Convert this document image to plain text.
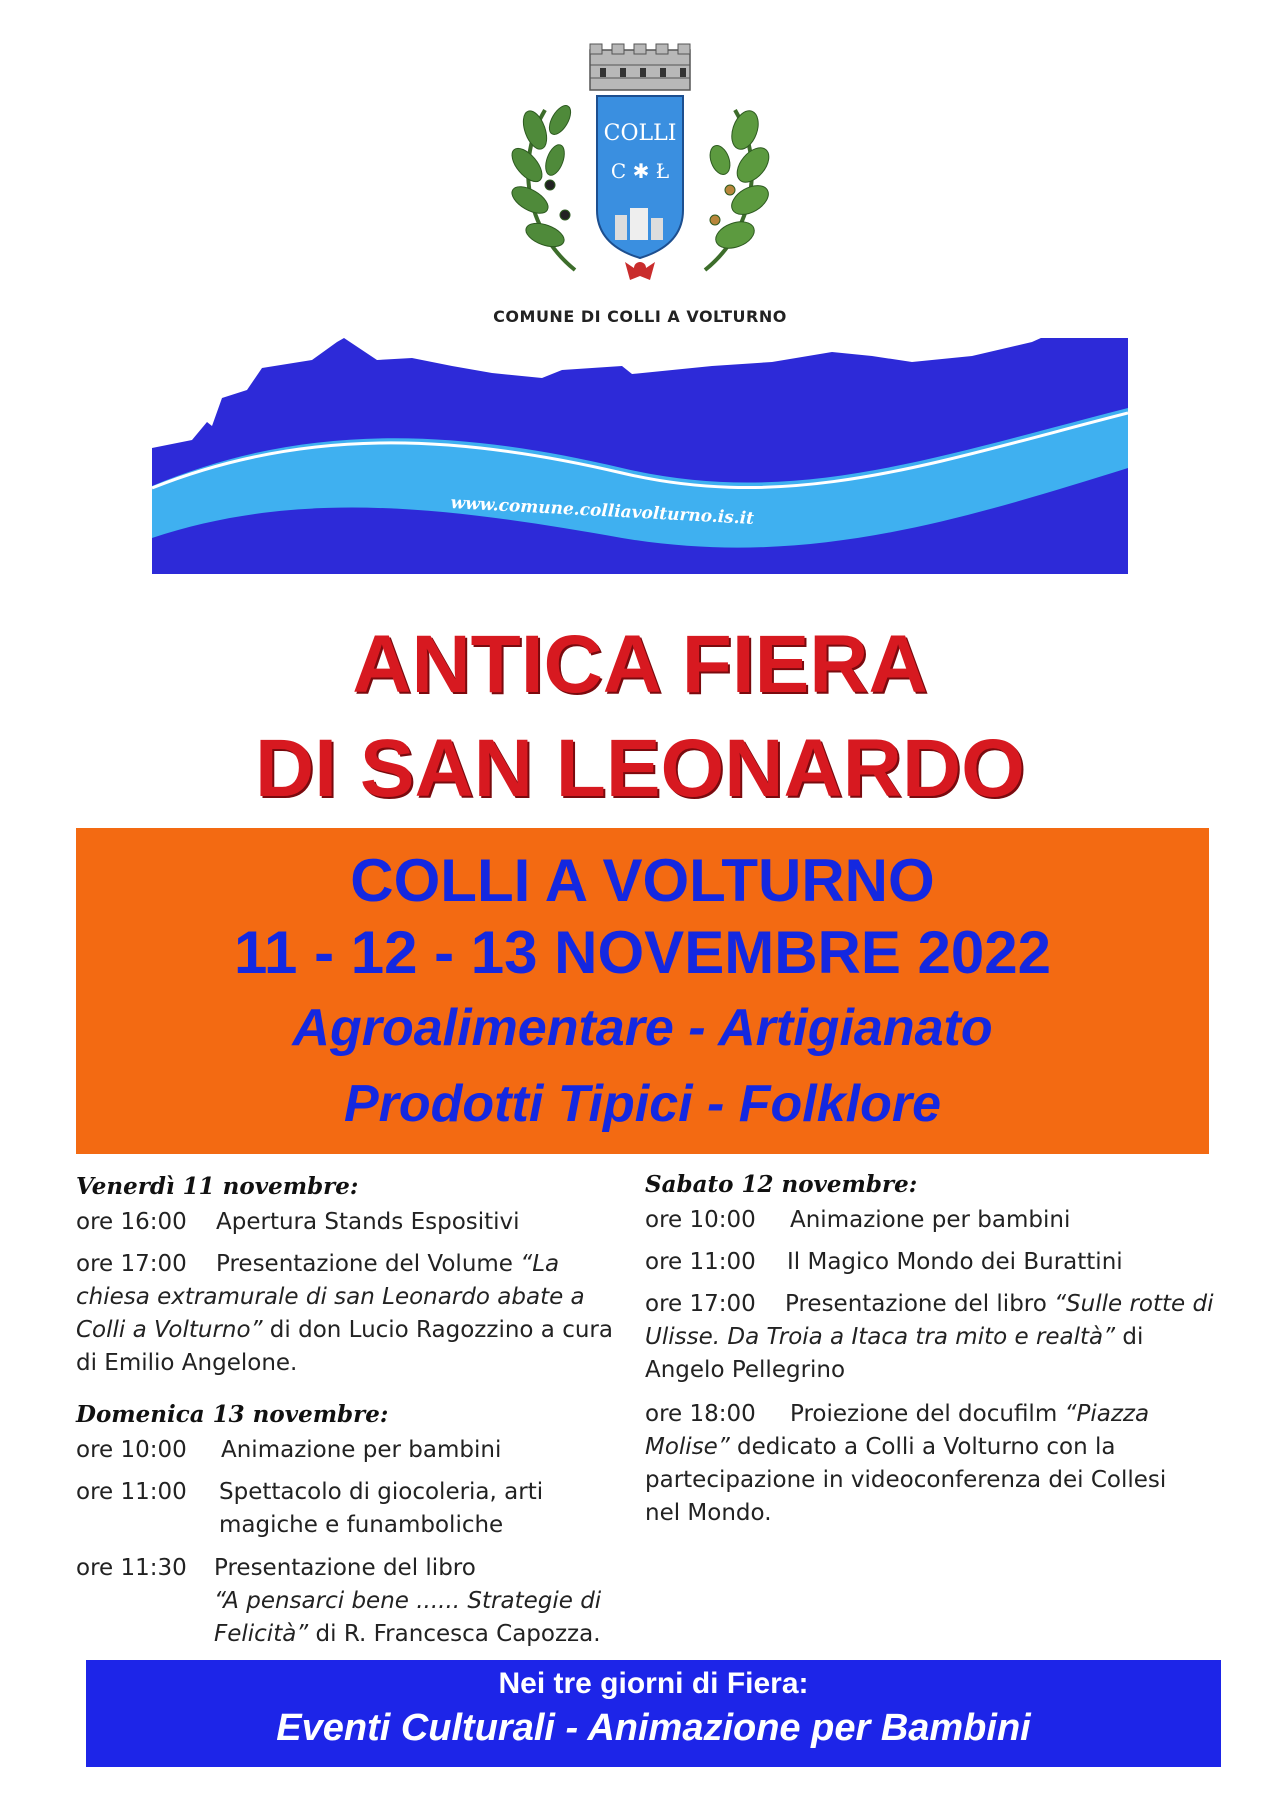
COLLI
C ✱ Ł
COMUNE DI COLLI A VOLTURNO
www.comune.colliavolturno.is.it
ANTICA FIERA
DI SAN LEONARDO
COLLI A VOLTURNO
11 - 12 - 13 NOVEMBRE 2022
Agroalimentare - Artigianato
Prodotti Tipici - Folklore
Venerdì 11 novembre:
ore 16:00 Apertura Stands Espositivi
ore 17:00 Presentazione del Volume “La chiesa extramurale di san Leonardo abate a Colli a Volturno” di don Lucio Ragozzino a cura di Emilio Angelone.
Domenica 13 novembre:
ore 10:00 Animazione per bambini
ore 11:00 Spettacolo di giocoleria, arti magiche e funamboliche
ore 11:30 Presentazione del libro
“A pensarci bene ...... Strategie di Felicità” di R. Francesca Capozza.
Sabato 12 novembre:
ore 10:00 Animazione per bambini
ore 11:00 Il Magico Mondo dei Burattini
ore 17:00 Presentazione del libro “Sulle rotte di Ulisse. Da Troia a Itaca tra mito e realtà” di Angelo Pellegrino
ore 18:00 Proiezione del docufilm “Piazza Molise” dedicato a Colli a Volturno con la partecipazione in videoconferenza dei Collesi nel Mondo.
Nei tre giorni di Fiera:
Eventi Culturali - Animazione per Bambini
